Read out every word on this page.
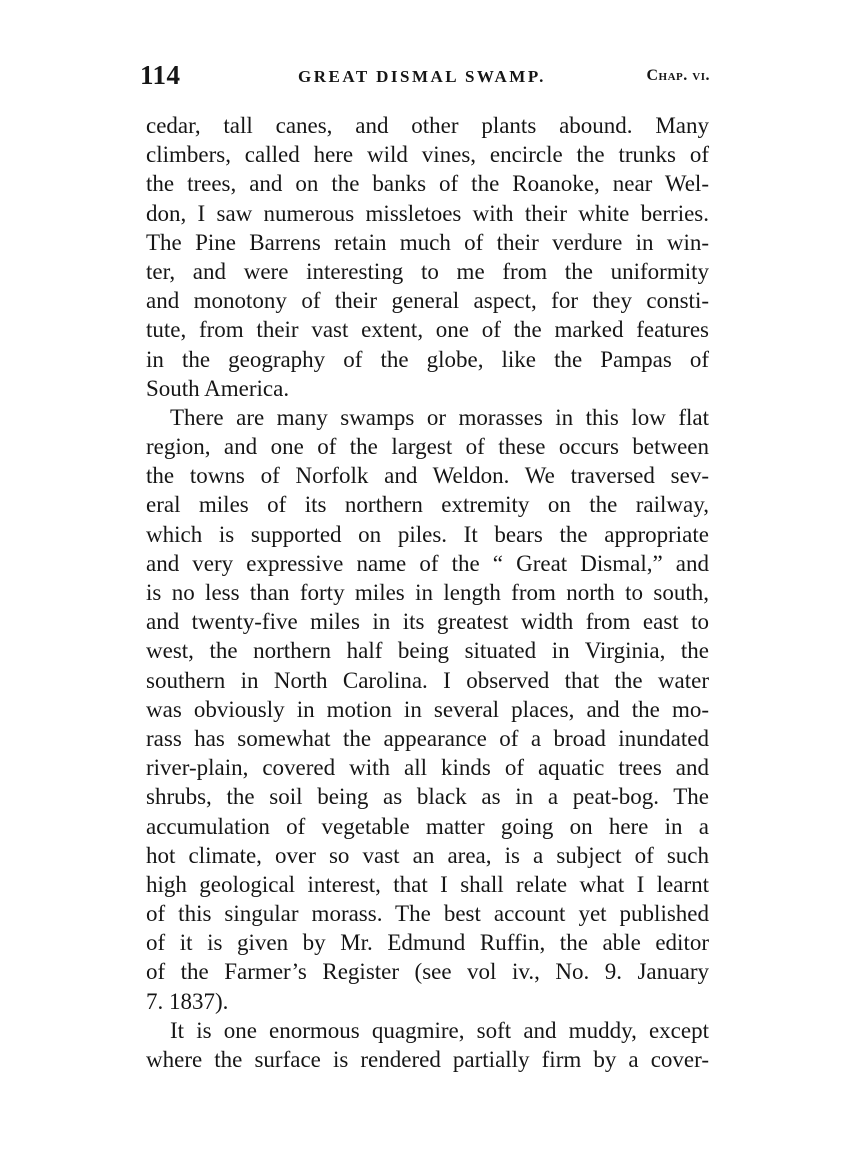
114	GREAT DISMAL SWAMP.	Chap. vi.
cedar, tall canes, and other plants abound. Many
climbers, called here wild vines, encircle the trunks of
the trees, and on the banks of the Roanoke, near Wel-
don, I saw numerous missletoes with their white berries.
The Pine Barrens retain much of their verdure in win-
ter, and were interesting to me from the uniformity
and monotony of their general aspect, for they consti-
tute, from their vast extent, one of the marked features
in the geography of the globe, like the Pampas of
South America.
There are many swamps or morasses in this low flat
region, and one of the largest of these occurs between
the towns of Norfolk and Weldon. We traversed sev-
eral miles of its northern extremity on the railway,
which is supported on piles. It bears the appropriate
and very expressive name of the “ Great Dismal,” and
is no less than forty miles in length from north to south,
and twenty-five miles in its greatest width from east to
west, the northern half being situated in Virginia, the
southern in North Carolina. I observed that the water
was obviously in motion in several places, and the mo-
rass has somewhat the appearance of a broad inundated
river-plain, covered with all kinds of aquatic trees and
shrubs, the soil being as black as in a peat-bog. The
accumulation of vegetable matter going on here in a
hot climate, over so vast an area, is a subject of such
high geological interest, that I shall relate what I learnt
of this singular morass. The best account yet published
of it is given by Mr. Edmund Ruffin, the able editor
of the Farmer’s Register (see vol iv., No. 9. January
7. 1837).
It is one enormous quagmire, soft and muddy, except
where the surface is rendered partially firm by a cover-
